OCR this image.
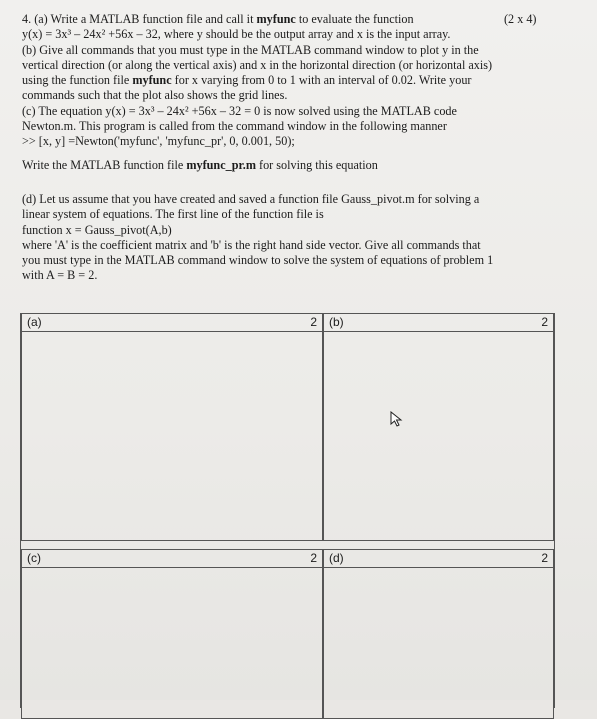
(2 x 4)

4. (a) Write a MATLAB function file and call it myfunc to evaluate the function

y(x) = 3x³ – 24x² +56x – 32, where y should be the output array and x is the input array.

(b) Give all commands that you must type in the MATLAB command window to plot y in the

vertical direction (or along the vertical axis) and x in the horizontal direction (or horizontal axis)

using the function file myfunc for x varying from 0 to 1 with an interval of 0.02. Write your

commands such that the plot also shows the grid lines.

(c) The equation y(x) = 3x³ – 24x² +56x – 32 = 0 is now solved using the MATLAB code

Newton.m. This program is called from the command window in the following manner

>> [x, y] =Newton('myfunc', 'myfunc_pr', 0, 0.001, 50);

Write the MATLAB function file myfunc_pr.m for solving this equation

(d) Let us assume that you have created and saved a function file Gauss_pivot.m for solving a

linear system of equations. The first line of the function file is

function x = Gauss_pivot(A,b)

where 'A' is the coefficient matrix and 'b' is the right hand side vector. Give all commands that

you must type in the MATLAB command window to solve the system of equations of problem 1

with A = B = 2.

(a)	2 (b)	2
(c)	2 (d)	2
